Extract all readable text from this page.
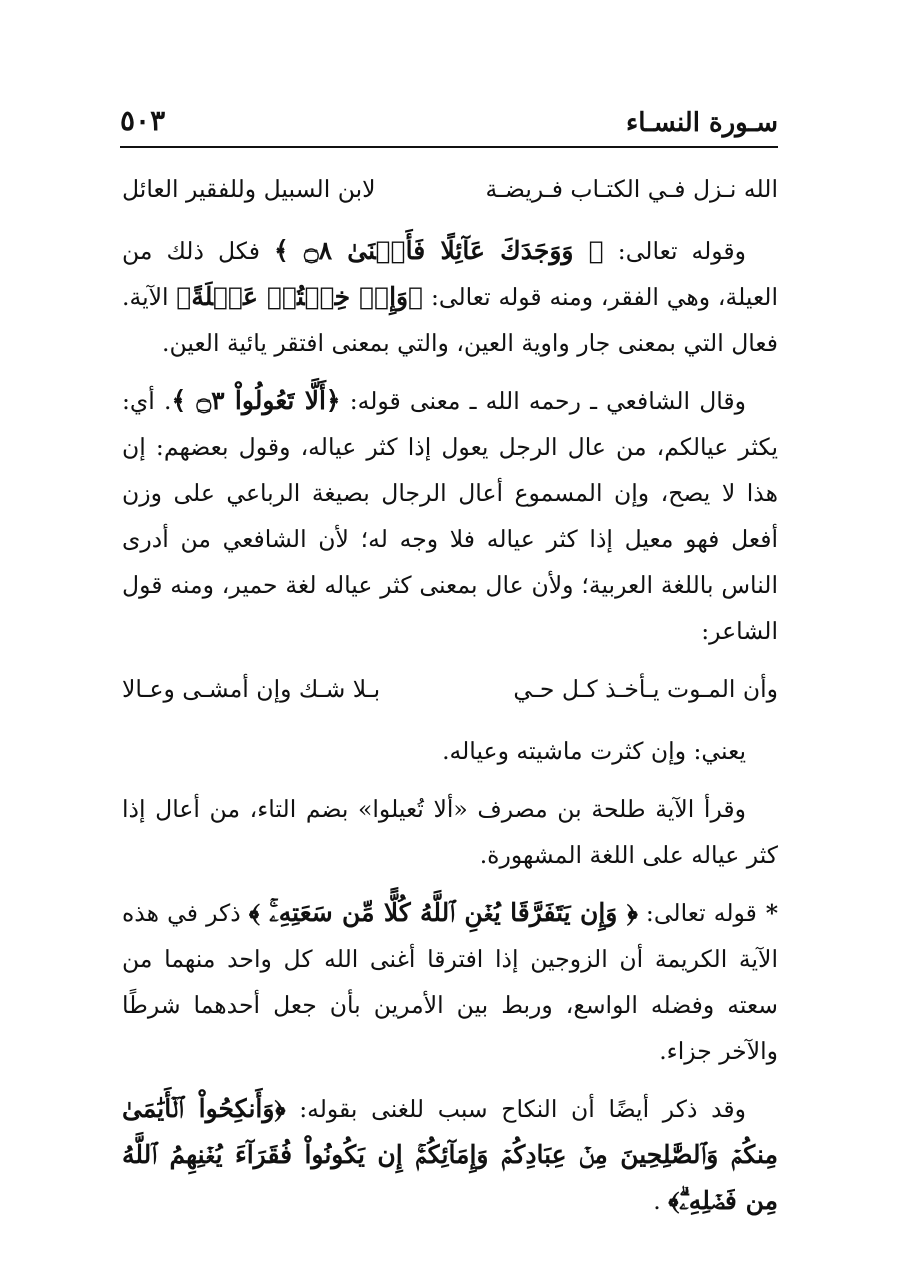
سـورة النسـاء
٥٠٣
الله نـزل فـي الكتـاب فـريضـة
لابن السبيل وللفقير العائل

وقوله تعالى: ﴿ وَوَجَدَكَ عَآئِلًا فَأَغۡنَىٰ ۝٨ ﴾ فكل ذلك من العيلة، وهي الفقر، ومنه قوله تعالى: ﴿وَإِنۡ خِفۡتُمۡ عَيۡلَةً﴾ الآية. فعال التي بمعنى جار واوية العين، والتي بمعنى افتقر يائية العين.

وقال الشافعي ـ رحمه الله ـ معنى قوله: ﴿أَلَّا تَعُولُواْ ۝٣ ﴾. أي: يكثر عيالكم، من عال الرجل يعول إذا كثر عياله، وقول بعضهم: إن هذا لا يصح، وإن المسموع أعال الرجال بصيغة الرباعي على وزن أفعل فهو معيل إذا كثر عياله فلا وجه له؛ لأن الشافعي من أدرى الناس باللغة العربية؛ ولأن عال بمعنى كثر عياله لغة حمير، ومنه قول الشاعر:

وأن المـوت يـأخـذ كـل حـي
بـلا شـك وإن أمشـى وعـالا

يعني: وإن كثرت ماشيته وعياله.

وقرأ الآية طلحة بن مصرف «ألا تُعيلوا» بضم التاء، من أعال إذا كثر عياله على اللغة المشهورة.

* قوله تعالى: ﴿ وَإِن يَتَفَرَّقَا يُغۡنِ ٱللَّهُ كُلًّا مِّن سَعَتِهِۦۚ ﴾ ذكر في هذه الآية الكريمة أن الزوجين إذا افترقا أغنى الله كل واحد منهما من سعته وفضله الواسع، وربط بين الأمرين بأن جعل أحدهما شرطًا والآخر جزاء.

وقد ذكر أيضًا أن النكاح سبب للغنى بقوله: ﴿وَأَنكِحُواْ ٱلۡأَيَٰمَىٰ مِنكُمۡ وَٱلصَّٰلِحِينَ مِنۡ عِبَادِكُمۡ وَإِمَآئِكُمۡۚ إِن يَكُونُواْ فُقَرَآءَ يُغۡنِهِمُ ٱللَّهُ مِن فَضۡلِهِۦۗ﴾ .
